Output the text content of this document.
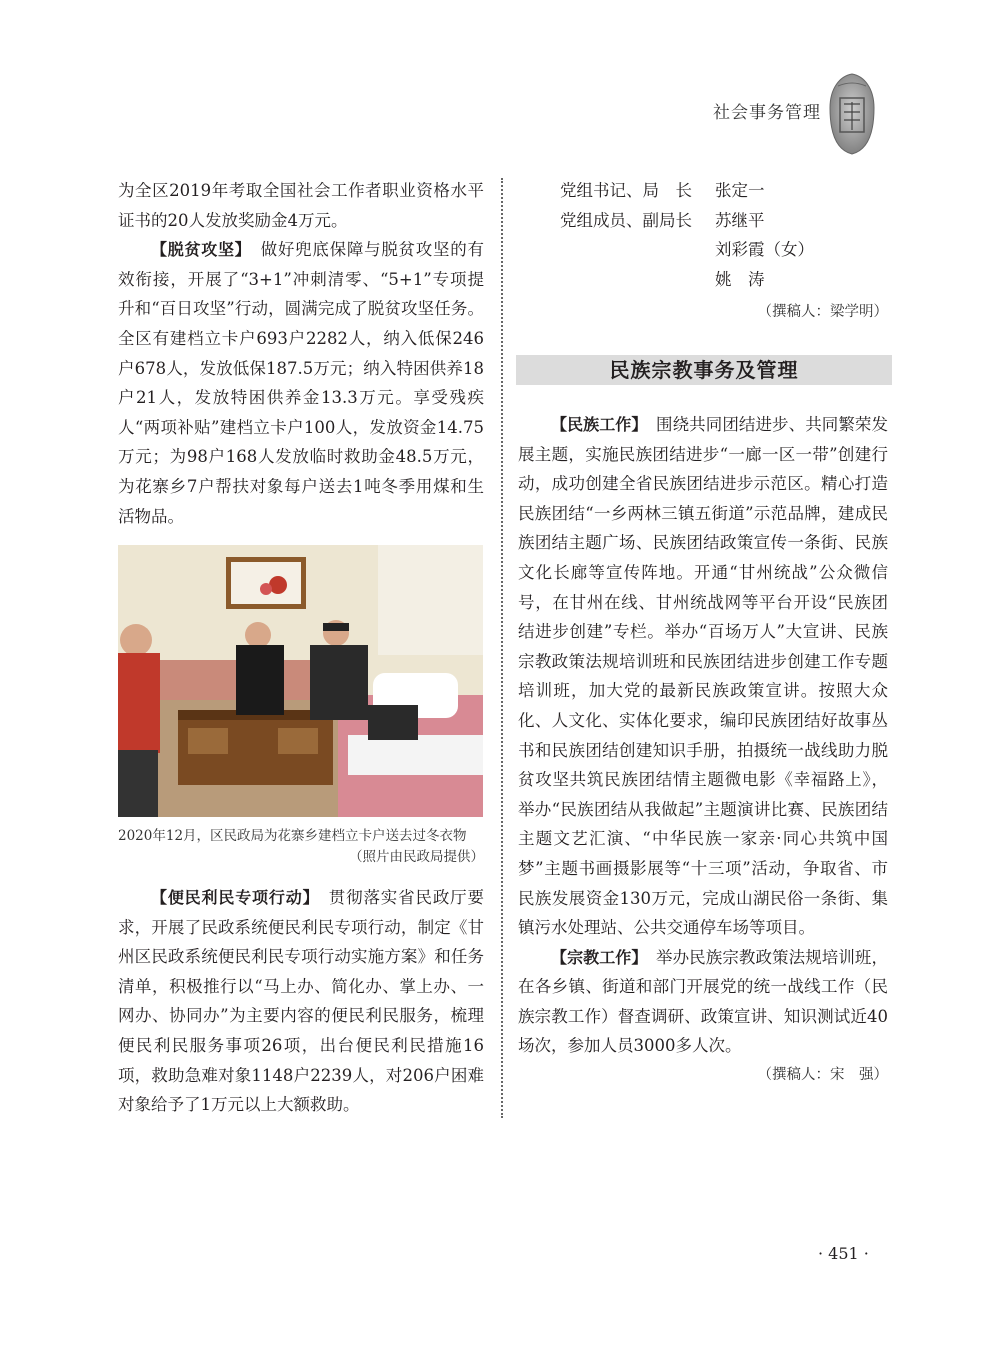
社会事务管理

为全区2019年考取全国社会工作者职业资格水平证书的20人发放奖励金4万元。

【脱贫攻坚】　 做好兜底保障与脱贫攻坚的有效衔接，开展了“3+1”冲刺清零、“5+1”专项提升和“百日攻坚”行动，圆满完成了脱贫攻坚任务。全区有建档立卡户693户2282人，纳入低保246户678人，发放低保187.5万元；纳入特困供养18户21人，发放特困供养金13.3万元。享受残疾人“两项补贴”建档立卡户100人，发放资金14.75万元；为98户168人发放临时救助金48.5万元，为花寨乡7户帮扶对象每户送去1吨冬季用煤和生活物品。

2020年12月，区民政局为花寨乡建档立卡户送去过冬衣物
（照片由民政局提供）

【便民利民专项行动】　 贯彻落实省民政厅要求，开展了民政系统便民利民专项行动，制定《甘州区民政系统便民利民专项行动实施方案》和任务清单，积极推行以“马上办、简化办、掌上办、一网办、协同办”为主要内容的便民利民服务，梳理便民利民服务事项26项，出台便民利民措施16项，救助急难对象1148户2239人，对206户困难对象给予了1万元以上大额救助。

党组书记、局　长	张定一
党组成员、副局长	苏继平
刘彩霞（女）
姚　涛
（撰稿人：梁学明）
民族宗教事务及管理

【民族工作】　 围绕共同团结进步、共同繁荣发展主题，实施民族团结进步“一廊一区一带”创建行动，成功创建全省民族团结进步示范区。精心打造民族团结“一乡两林三镇五街道”示范品牌，建成民族团结主题广场、民族团结政策宣传一条街、民族文化长廊等宣传阵地。开通“甘州统战”公众微信号，在甘州在线、甘州统战网等平台开设“民族团结进步创建”专栏。举办“百场万人”大宣讲、民族宗教政策法规培训班和民族团结进步创建工作专题培训班，加大党的最新民族政策宣讲。按照大众化、人文化、实体化要求，编印民族团结好故事丛书和民族团结创建知识手册，拍摄统一战线助力脱贫攻坚共筑民族团结情主题微电影《幸福路上》，举办“民族团结从我做起”主题演讲比赛、民族团结主题文艺汇演、“中华民族一家亲·同心共筑中国梦”主题书画摄影展等“十三项”活动，争取省、市民族发展资金130万元，完成山湖民俗一条街、集镇污水处理站、公共交通停车场等项目。

【宗教工作】　 举办民族宗教政策法规培训班，在各乡镇、街道和部门开展党的统一战线工作（民族宗教工作）督查调研、政策宣讲、知识测试近40场次，参加人员3000多人次。

（撰稿人：宋　强）

· 451 ·
